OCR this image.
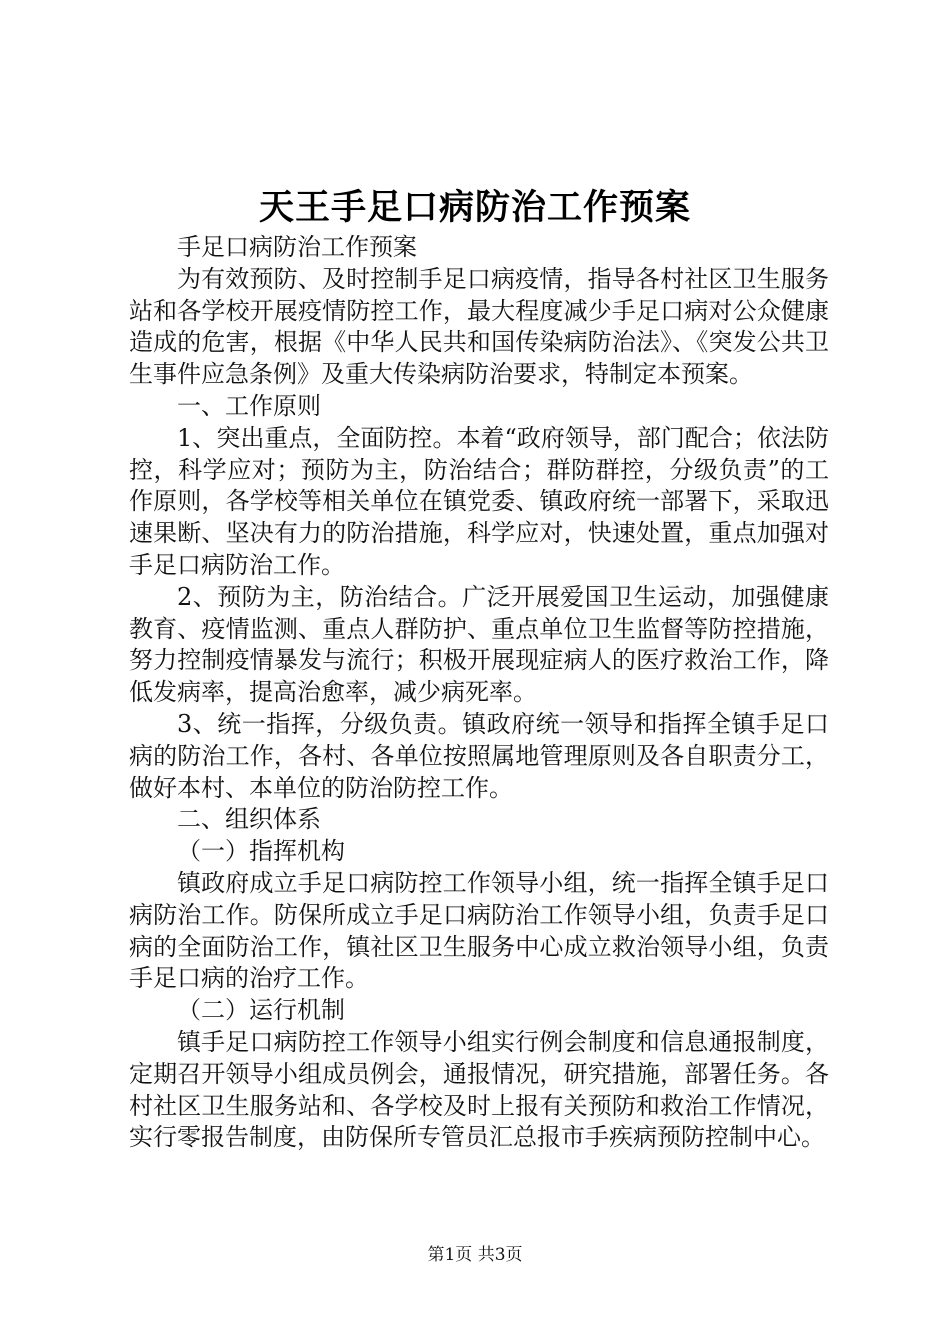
天王手足口病防治工作预案

手足口病防治工作预案

为有效预防、及时控制手足口病疫情，指导各村社区卫生服务站和各学校开展疫情防控工作，最大程度减少手足口病对公众健康造成的危害，根据《中华人民共和国传染病防治法》、《突发公共卫生事件应急条例》及重大传染病防治要求，特制定本预案。

一、工作原则

1、突出重点，全面防控。本着“政府领导，部门配合；依法防控，科学应对；预防为主，防治结合；群防群控，分级负责”的工作原则，各学校等相关单位在镇党委、镇政府统一部署下，采取迅速果断、坚决有力的防治措施，科学应对，快速处置，重点加强对手足口病防治工作。

2、预防为主，防治结合。广泛开展爱国卫生运动，加强健康教育、疫情监测、重点人群防护、重点单位卫生监督等防控措施，努力控制疫情暴发与流行；积极开展现症病人的医疗救治工作，降低发病率，提高治愈率，减少病死率。

3、统一指挥，分级负责。镇政府统一领导和指挥全镇手足口病的防治工作，各村、各单位按照属地管理原则及各自职责分工，做好本村、本单位的防治防控工作。

二、组织体系

（一）指挥机构

镇政府成立手足口病防控工作领导小组，统一指挥全镇手足口病防治工作。防保所成立手足口病防治工作领导小组，负责手足口病的全面防治工作，镇社区卫生服务中心成立救治领导小组，负责手足口病的治疗工作。

（二）运行机制

镇手足口病防控工作领导小组实行例会制度和信息通报制度，定期召开领导小组成员例会，通报情况，研究措施，部署任务。各村社区卫生服务站和、各学校及时上报有关预防和救治工作情况，实行零报告制度，由防保所专管员汇总报市手疾病预防控制中心。

第1页 共3页
